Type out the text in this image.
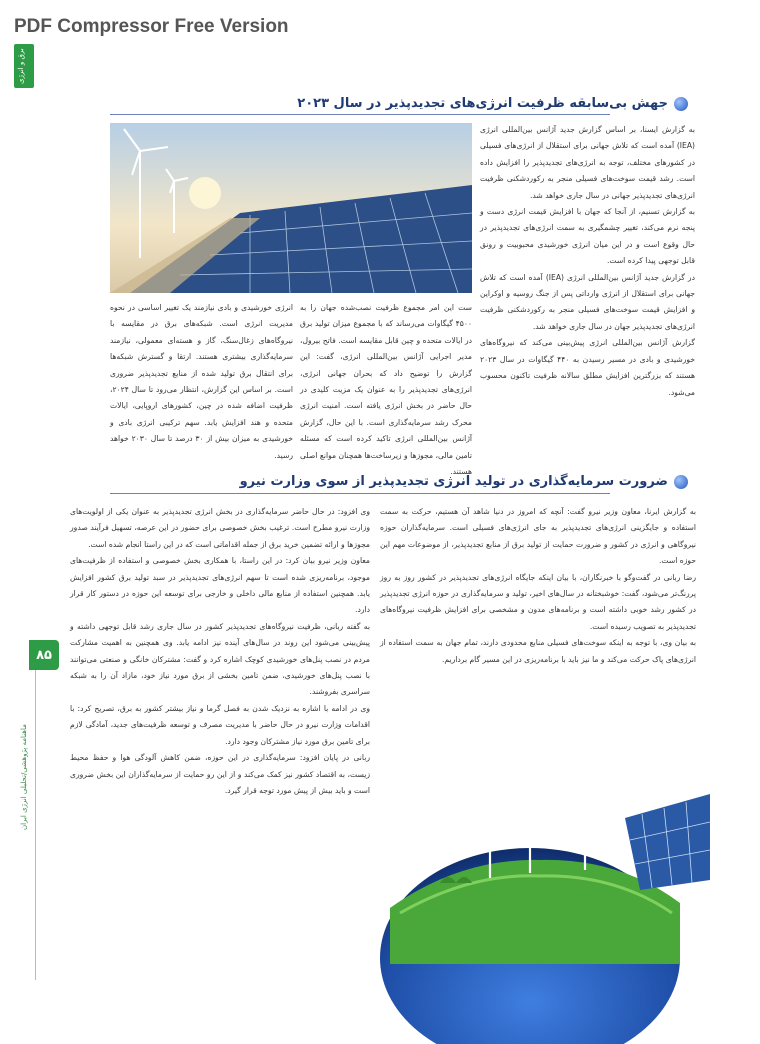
PDF Compressor Free Version
برق و انرژی
ماهنامه پژوهشی/تحلیلی انرژی ایران
۸۵
جهش بی‌سابقه ظرفیت انرژی‌های تجدیدپذیر در سال ۲۰۲۳

به گزارش ایسنا، بر اساس گزارش جدید آژانس بین‌المللی انرژی (IEA) آمده است که تلاش جهانی برای استقلال از انرژی‌های فسیلی در کشورهای مختلف، توجه به انرژی‌های تجدیدپذیر را افزایش داده است. رشد قیمت سوخت‌های فسیلی منجر به رکوردشکنی ظرفیت انرژی‌های تجدیدپذیر جهانی در سال جاری خواهد شد.

به گزارش تسنیم، از آنجا که جهان با افزایش قیمت انرژی دست و پنجه نرم می‌کند، تغییر چشمگیری به سمت انرژی‌های تجدیدپذیر در حال وقوع است و در این میان انرژی خورشیدی محبوبیت و رونق قابل توجهی پیدا کرده است.

در گزارش جدید آژانس بین‌المللی انرژی (IEA) آمده است که تلاش جهانی برای استقلال از انرژی وارداتی پس از جنگ روسیه و اوکراین و افزایش قیمت سوخت‌های فسیلی منجر به رکوردشکنی ظرفیت انرژی‌های تجدیدپذیر جهان در سال جاری خواهد شد.

گزارش آژانس بین‌المللی انرژی پیش‌بینی می‌کند که نیروگاه‌های خورشیدی و بادی در مسیر رسیدن به ۴۴۰ گیگاوات در سال ۲۰۲۳ هستند که بزرگترین افزایش مطلق سالانه ظرفیت تاکنون محسوب می‌شود.

ست این امر مجموع ظرفیت نصب‌شده جهان را به ۴۵۰۰ گیگاوات می‌رساند که با مجموع میزان تولید برق در ایالات متحده و چین قابل مقایسه است. فاتح بیرول، مدیر اجرایی آژانس بین‌المللی انرژی، گفت: این گزارش را توضیح داد که بحران جهانی انرژی، انرژی‌های تجدیدپذیر را به عنوان یک مزیت کلیدی در حال حاضر در بخش انرژی یافته است. امنیت انرژی محرک رشد سرمایه‌گذاری است. با این حال، گزارش آژانس بین‌المللی انرژی تاکید کرده است که مسئله تامین مالی، مجوزها و زیرساخت‌ها همچنان موانع اصلی هستند.

انرژی خورشیدی و بادی نیازمند یک تغییر اساسی در نحوه مدیریت انرژی است. شبکه‌های برق در مقایسه با نیروگاه‌های زغال‌سنگ، گاز و هسته‌ای معمولی، نیازمند سرمایه‌گذاری بیشتری هستند. ارتقا و گسترش شبکه‌ها برای انتقال برق تولید شده از منابع تجدیدپذیر ضروری است. بر اساس این گزارش، انتظار می‌رود تا سال ۲۰۲۴، ظرفیت اضافه شده در چین، کشورهای اروپایی، ایالات متحده و هند افزایش یابد. سهم ترکیبی انرژی بادی و خورشیدی به میزان بیش از ۳۰ درصد تا سال ۲۰۳۰ خواهد رسید.

ضرورت سرمایه‌گذاری در تولید انرژی تجدیدپذیر از سوی وزارت نیرو

به گزارش ایرنا، معاون وزیر نیرو گفت: آنچه که امروز در دنیا شاهد آن هستیم، حرکت به سمت استفاده و جایگزینی انرژی‌های تجدیدپذیر به جای انرژی‌های فسیلی است. سرمایه‌گذاران حوزه نیروگاهی و انرژی در کشور و ضرورت حمایت از تولید برق از منابع تجدیدپذیر، از موضوعات مهم این حوزه است.

رضا ربانی در گفت‌وگو با خبرنگاران، با بیان اینکه جایگاه انرژی‌های تجدیدپذیر در کشور روز به روز پررنگ‌تر می‌شود، گفت: خوشبختانه در سال‌های اخیر، تولید و سرمایه‌گذاری در حوزه انرژی تجدیدپذیر در کشور رشد خوبی داشته است و برنامه‌های مدون و مشخصی برای افزایش ظرفیت نیروگاه‌های تجدیدپذیر به تصویب رسیده است.

به بیان وی، با توجه به اینکه سوخت‌های فسیلی منابع محدودی دارند، تمام جهان به سمت استفاده از انرژی‌های پاک حرکت می‌کند و ما نیز باید با برنامه‌ریزی در این مسیر گام برداریم.

وی افزود: در حال حاضر سرمایه‌گذاری در بخش انرژی تجدیدپذیر به عنوان یکی از اولویت‌های وزارت نیرو مطرح است. ترغیب بخش خصوصی برای حضور در این عرصه، تسهیل فرآیند صدور مجوزها و ارائه تضمین خرید برق از جمله اقداماتی است که در این راستا انجام شده است.

معاون وزیر نیرو بیان کرد: در این راستا، با همکاری بخش خصوصی و استفاده از ظرفیت‌های موجود، برنامه‌ریزی شده است تا سهم انرژی‌های تجدیدپذیر در سبد تولید برق کشور افزایش یابد. همچنین استفاده از منابع مالی داخلی و خارجی برای توسعه این حوزه در دستور کار قرار دارد.

به گفته ربانی، ظرفیت نیروگاه‌های تجدیدپذیر کشور در سال جاری رشد قابل توجهی داشته و پیش‌بینی می‌شود این روند در سال‌های آینده نیز ادامه یابد. وی همچنین به اهمیت مشارکت مردم در نصب پنل‌های خورشیدی کوچک اشاره کرد و گفت: مشترکان خانگی و صنعتی می‌توانند با نصب پنل‌های خورشیدی، ضمن تامین بخشی از برق مورد نیاز خود، مازاد آن را به شبکه سراسری بفروشند.

وی در ادامه با اشاره به نزدیک شدن به فصل گرما و نیاز بیشتر کشور به برق، تصریح کرد: با اقدامات وزارت نیرو در حال حاضر با مدیریت مصرف و توسعه ظرفیت‌های جدید، آمادگی لازم برای تامین برق مورد نیاز مشترکان وجود دارد.

ربانی در پایان افزود: سرمایه‌گذاری در این حوزه، ضمن کاهش آلودگی هوا و حفظ محیط زیست، به اقتصاد کشور نیز کمک می‌کند و از این رو حمایت از سرمایه‌گذاران این بخش ضروری است و باید بیش از پیش مورد توجه قرار گیرد.
